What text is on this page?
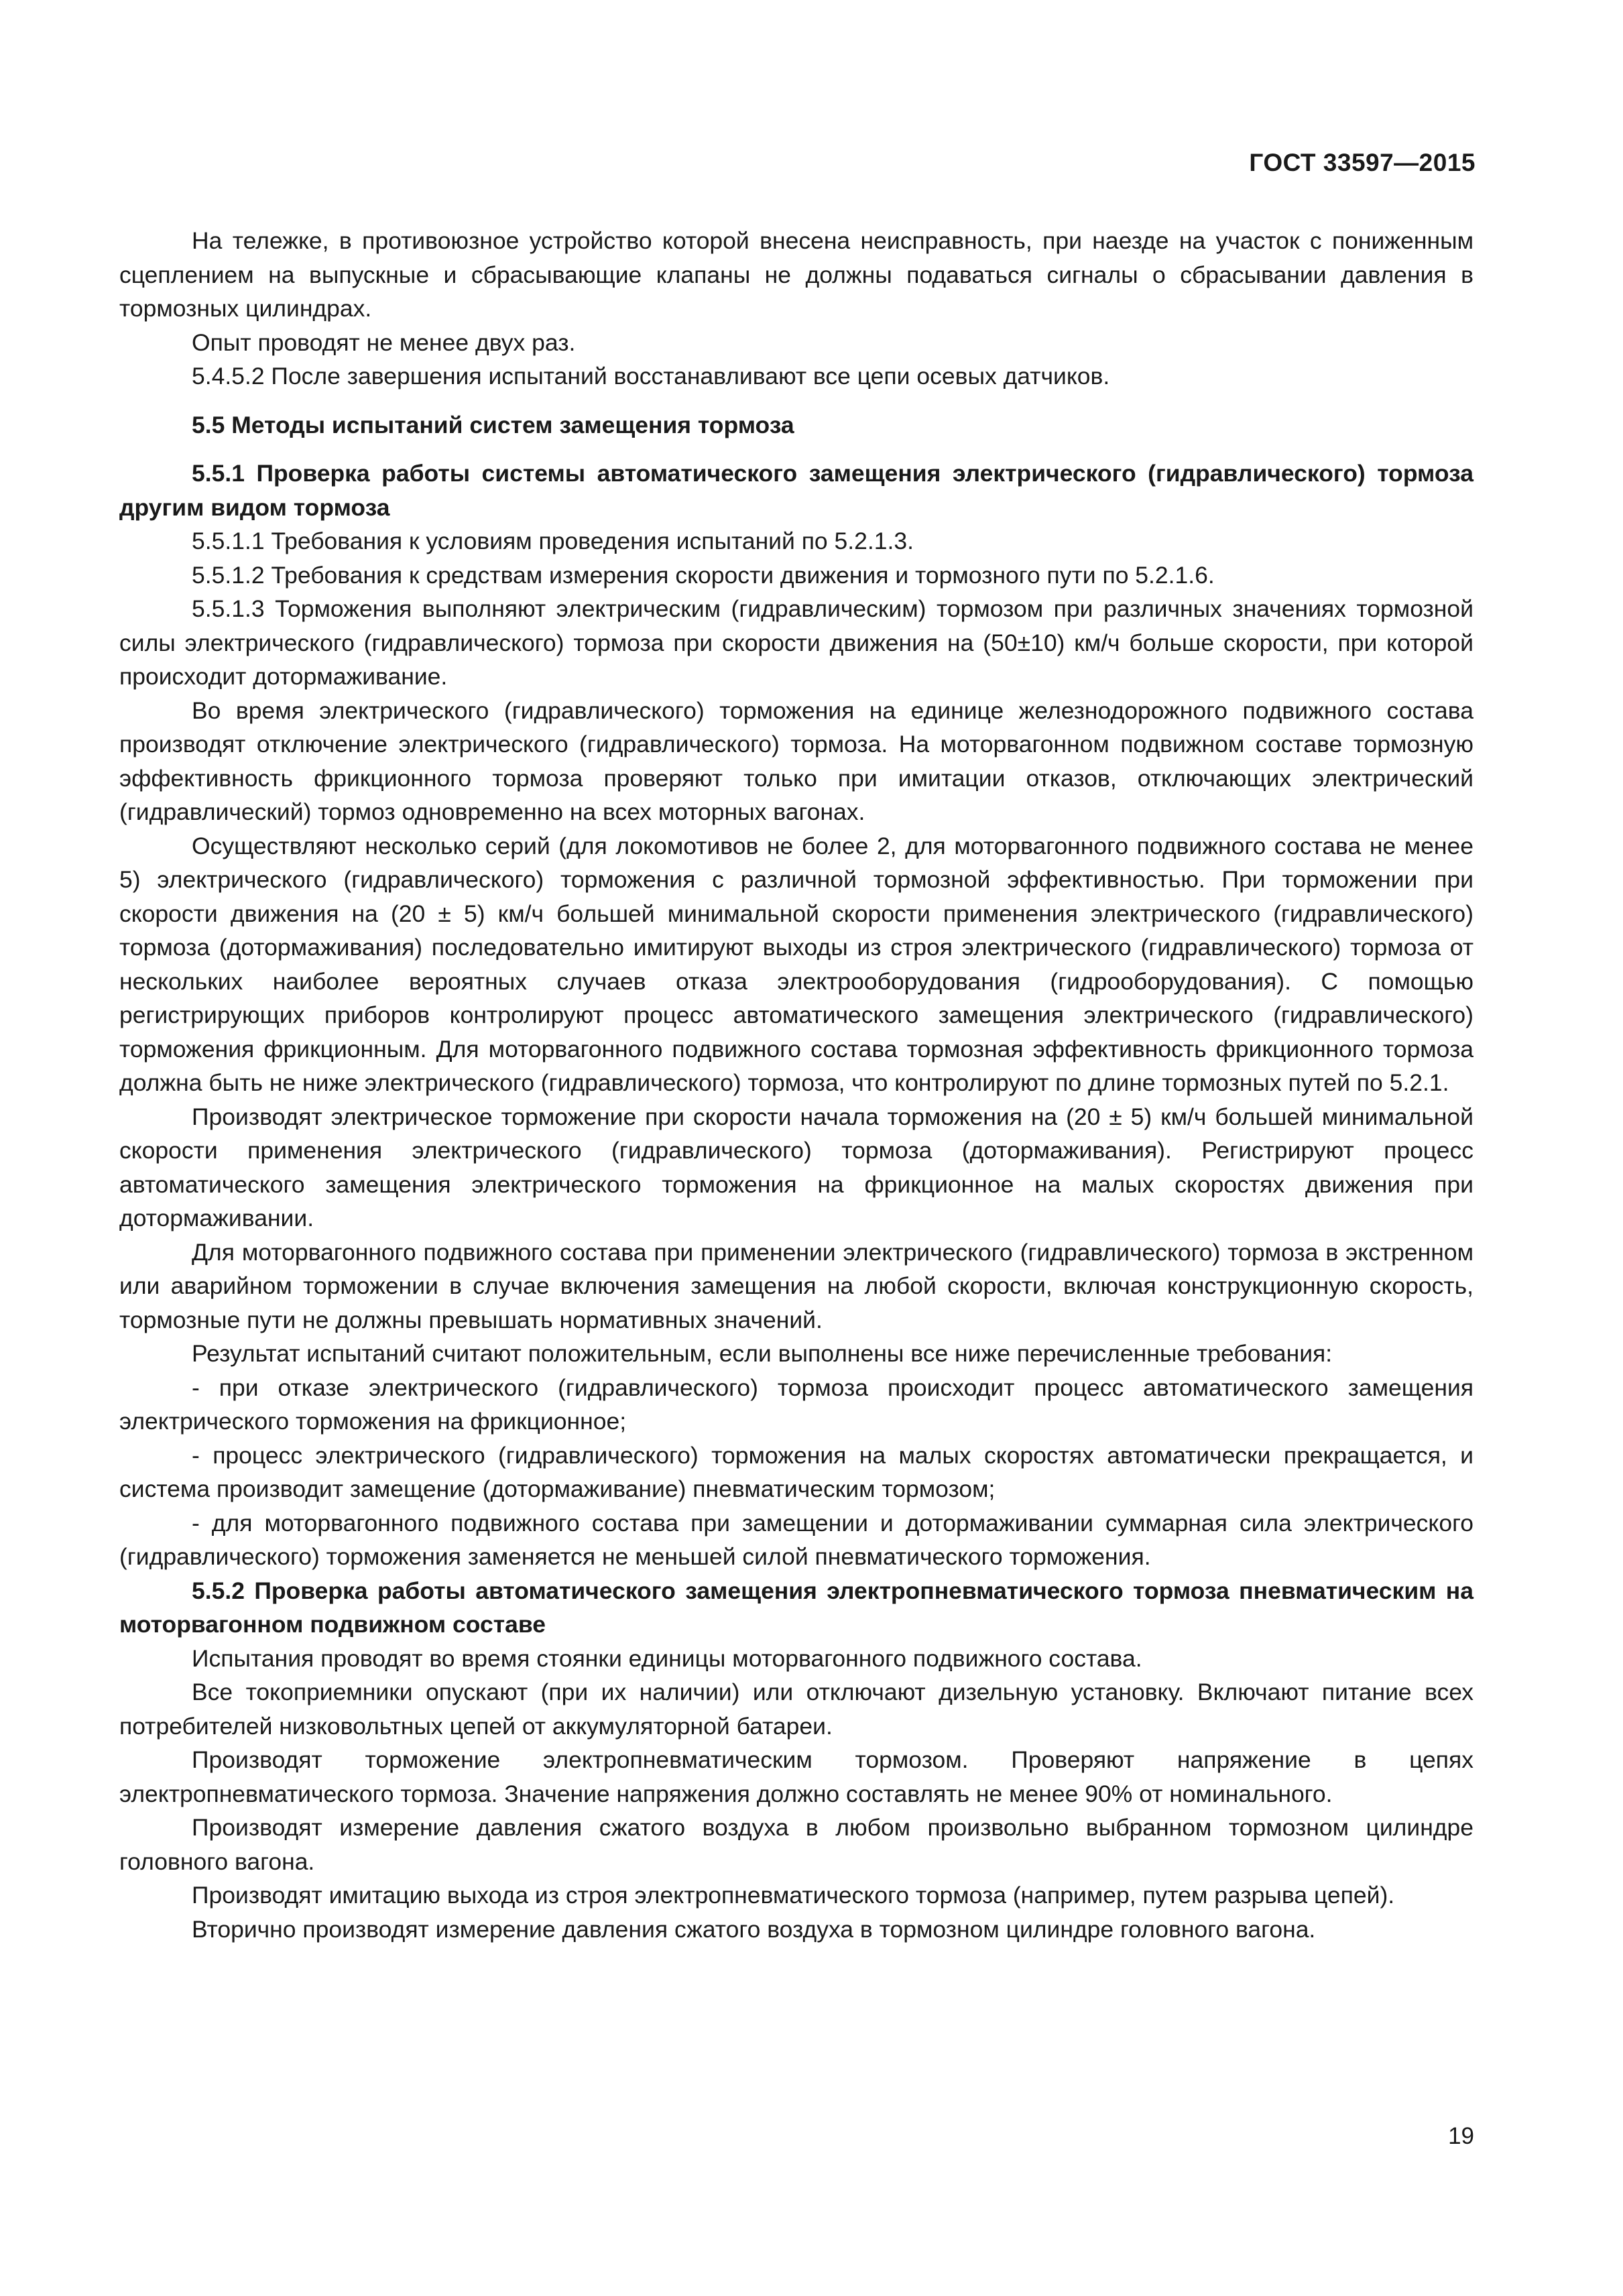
ГОСТ 33597—2015

На тележке, в противоюзное устройство которой внесена неисправность, при наезде на участок с пониженным сцеплением на выпускные и сбрасывающие клапаны не должны подаваться сигналы о сбрасывании давления в тормозных цилиндрах.

Опыт проводят не менее двух раз.

5.4.5.2 После завершения испытаний восстанавливают все цепи осевых датчиков.

5.5 Методы испытаний систем замещения тормоза

5.5.1 Проверка работы системы автоматического замещения электрического (гидравлического) тормоза другим видом тормоза

5.5.1.1 Требования к условиям проведения испытаний по 5.2.1.3.

5.5.1.2 Требования к средствам измерения скорости движения и тормозного пути по 5.2.1.6.

5.5.1.3 Торможения выполняют электрическим (гидравлическим) тормозом при различных значениях тормозной силы электрического (гидравлического) тормоза при скорости движения на (50±10) км/ч больше скорости, при которой происходит дотормаживание.

Во время электрического (гидравлического) торможения на единице железнодорожного подвижного состава производят отключение электрического (гидравлического) тормоза. На моторвагонном подвижном составе тормозную эффективность фрикционного тормоза проверяют только при имитации отказов, отключающих электрический (гидравлический) тормоз одновременно на всех моторных вагонах.

Осуществляют несколько серий (для локомотивов не более 2, для моторвагонного подвижного состава не менее 5) электрического (гидравлического) торможения с различной тормозной эффективностью. При торможении при скорости движения на (20 ± 5) км/ч большей минимальной скорости применения электрического (гидравлического) тормоза (дотормаживания) последовательно имитируют выходы из строя электрического (гидравлического) тормоза от нескольких наиболее вероятных случаев отказа электрооборудования (гидрооборудования). С помощью регистрирующих приборов контролируют процесс автоматического замещения электрического (гидравлического) торможения фрикционным. Для моторвагонного подвижного состава тормозная эффективность фрикционного тормоза должна быть не ниже электрического (гидравлического) тормоза, что контролируют по длине тормозных путей по 5.2.1.

Производят электрическое торможение при скорости начала торможения на (20 ± 5) км/ч большей минимальной скорости применения электрического (гидравлического) тормоза (дотормаживания). Регистрируют процесс автоматического замещения электрического торможения на фрикционное на малых скоростях движения при дотормаживании.

Для моторвагонного подвижного состава при применении электрического (гидравлического) тормоза в экстренном или аварийном торможении в случае включения замещения на любой скорости, включая конструкционную скорость, тормозные пути не должны превышать нормативных значений.

Результат испытаний считают положительным, если выполнены все ниже перечисленные требования:

- при отказе электрического (гидравлического) тормоза происходит процесс автоматического замещения электрического торможения на фрикционное;

- процесс электрического (гидравлического) торможения на малых скоростях автоматически прекращается, и система производит замещение (дотормаживание) пневматическим тормозом;

- для моторвагонного подвижного состава при замещении и дотормаживании суммарная сила электрического (гидравлического) торможения заменяется не меньшей силой пневматического торможения.

5.5.2 Проверка работы автоматического замещения электропневматического тормоза пневматическим на моторвагонном подвижном составе

Испытания проводят во время стоянки единицы моторвагонного подвижного состава.

Все токоприемники опускают (при их наличии) или отключают дизельную установку. Включают питание всех потребителей низковольтных цепей от аккумуляторной батареи.

Производят торможение электропневматическим тормозом. Проверяют напряжение в цепях электропневматического тормоза. Значение напряжения должно составлять не менее 90% от номинального.

Производят измерение давления сжатого воздуха в любом произвольно выбранном тормозном цилиндре головного вагона.

Производят имитацию выхода из строя электропневматического тормоза (например, путем разрыва цепей).

Вторично производят измерение давления сжатого воздуха в тормозном цилиндре головного вагона.

19
